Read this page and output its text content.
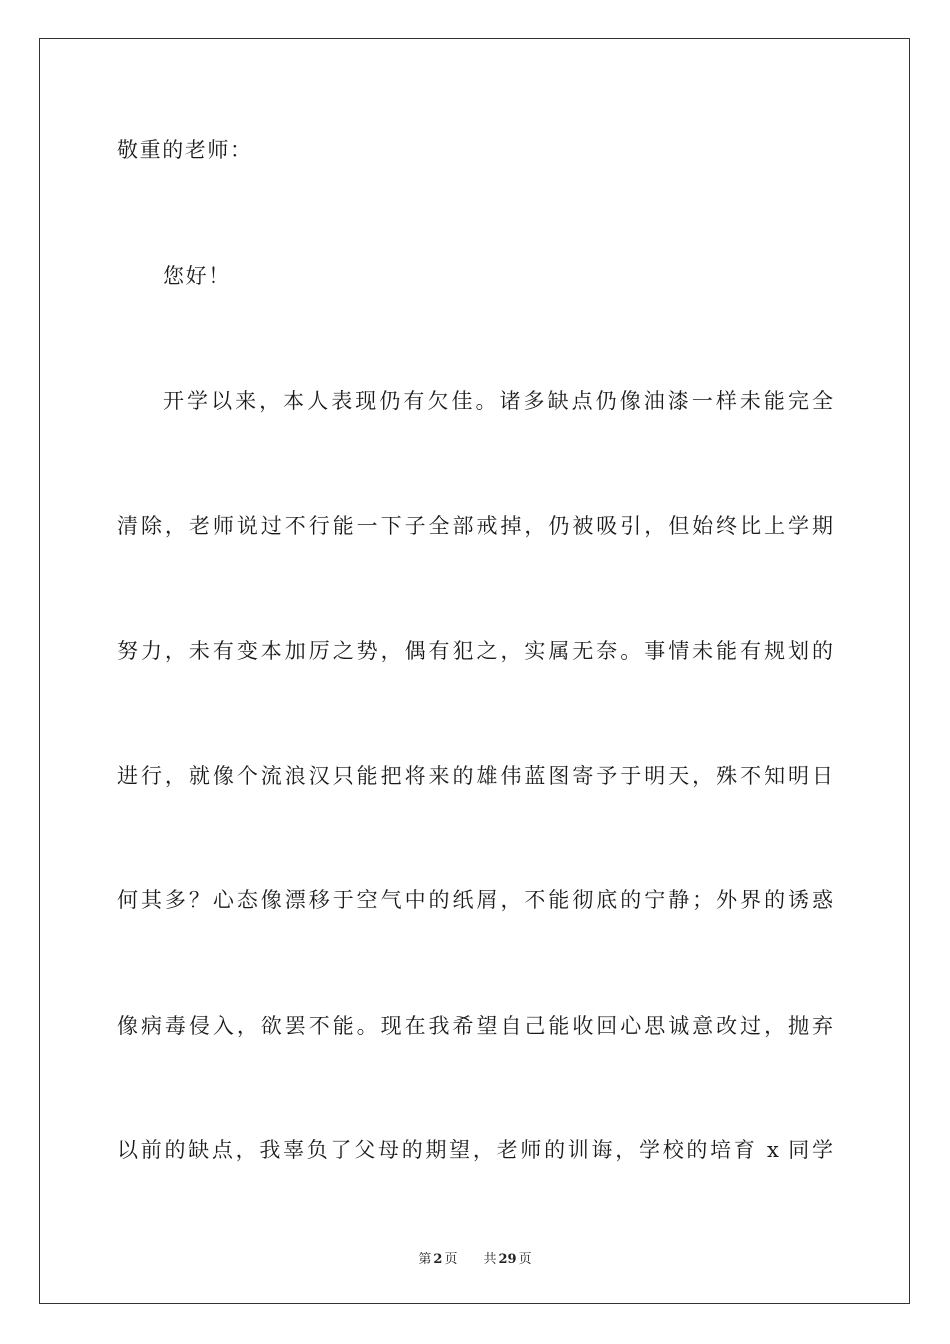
敬重的老师：

您好！

开学以来，本人表现仍有欠佳。诸多缺点仍像油漆一样未能完全

清除，老师说过不行能一下子全部戒掉，仍被吸引，但始终比上学期

努力，未有变本加厉之势，偶有犯之，实属无奈。事情未能有规划的

进行，就像个流浪汉只能把将来的雄伟蓝图寄予于明天，殊不知明日

何其多？心态像漂移于空气中的纸屑，不能彻底的宁静；外界的诱惑

像病毒侵入，欲罢不能。现在我希望自己能收回心思诚意改过，抛弃

以前的缺点，我辜负了父母的期望，老师的训诲，学校的培育 x 同学

第 2 页 共 29 页
